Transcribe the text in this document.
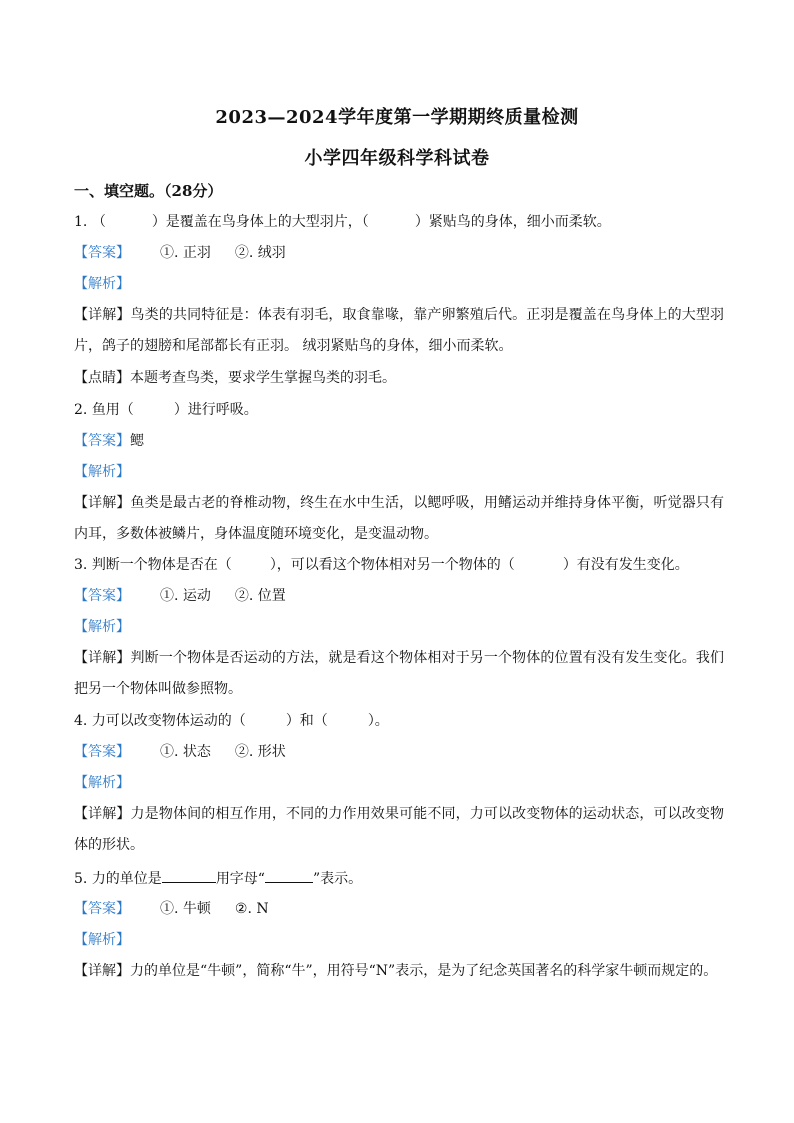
2023—2024学年度第一学期期终质量检测
小学四年级科学科试卷
一、填空题。（28分）
1. （	）是覆盖在鸟身体上的大型羽片，（	）紧贴鸟的身体，细小而柔软。
【答案】 ①. 正羽 ②. 绒羽
【解析】
【详解】鸟类的共同特征是：体表有羽毛，取食靠喙，靠产卵繁殖后代。正羽是覆盖在鸟身体上的大型羽片，鸽子的翅膀和尾部都长有正羽。 绒羽紧贴鸟的身体，细小而柔软。
【点睛】本题考查鸟类，要求学生掌握鸟类的羽毛。
2. 鱼用（	）进行呼吸。
【答案】鳃
【解析】
【详解】鱼类是最古老的脊椎动物，终生在水中生活，以鳃呼吸，用鳍运动并维持身体平衡，听觉器只有内耳，多数体被鳞片，身体温度随环境变化，是变温动物。
3. 判断一个物体是否在（	），可以看这个物体相对另一个物体的（	）有没有发生变化。
【答案】 ①. 运动 ②. 位置
【解析】
【详解】判断一个物体是否运动的方法，就是看这个物体相对于另一个物体的位置有没有发生变化。我们把另一个物体叫做参照物。
4. 力可以改变物体运动的（	）和（	）。
【答案】 ①. 状态 ②. 形状
【解析】
【详解】力是物体间的相互作用，不同的力作用效果可能不同，力可以改变物体的运动状态，可以改变物体的形状。
5. 力的单位是	用字母“	”表示。
【答案】 ①. 牛顿 ②. N
【解析】
【详解】力的单位是“牛顿”，简称“牛”，用符号“N”表示，是为了纪念英国著名的科学家牛顿而规定的。
